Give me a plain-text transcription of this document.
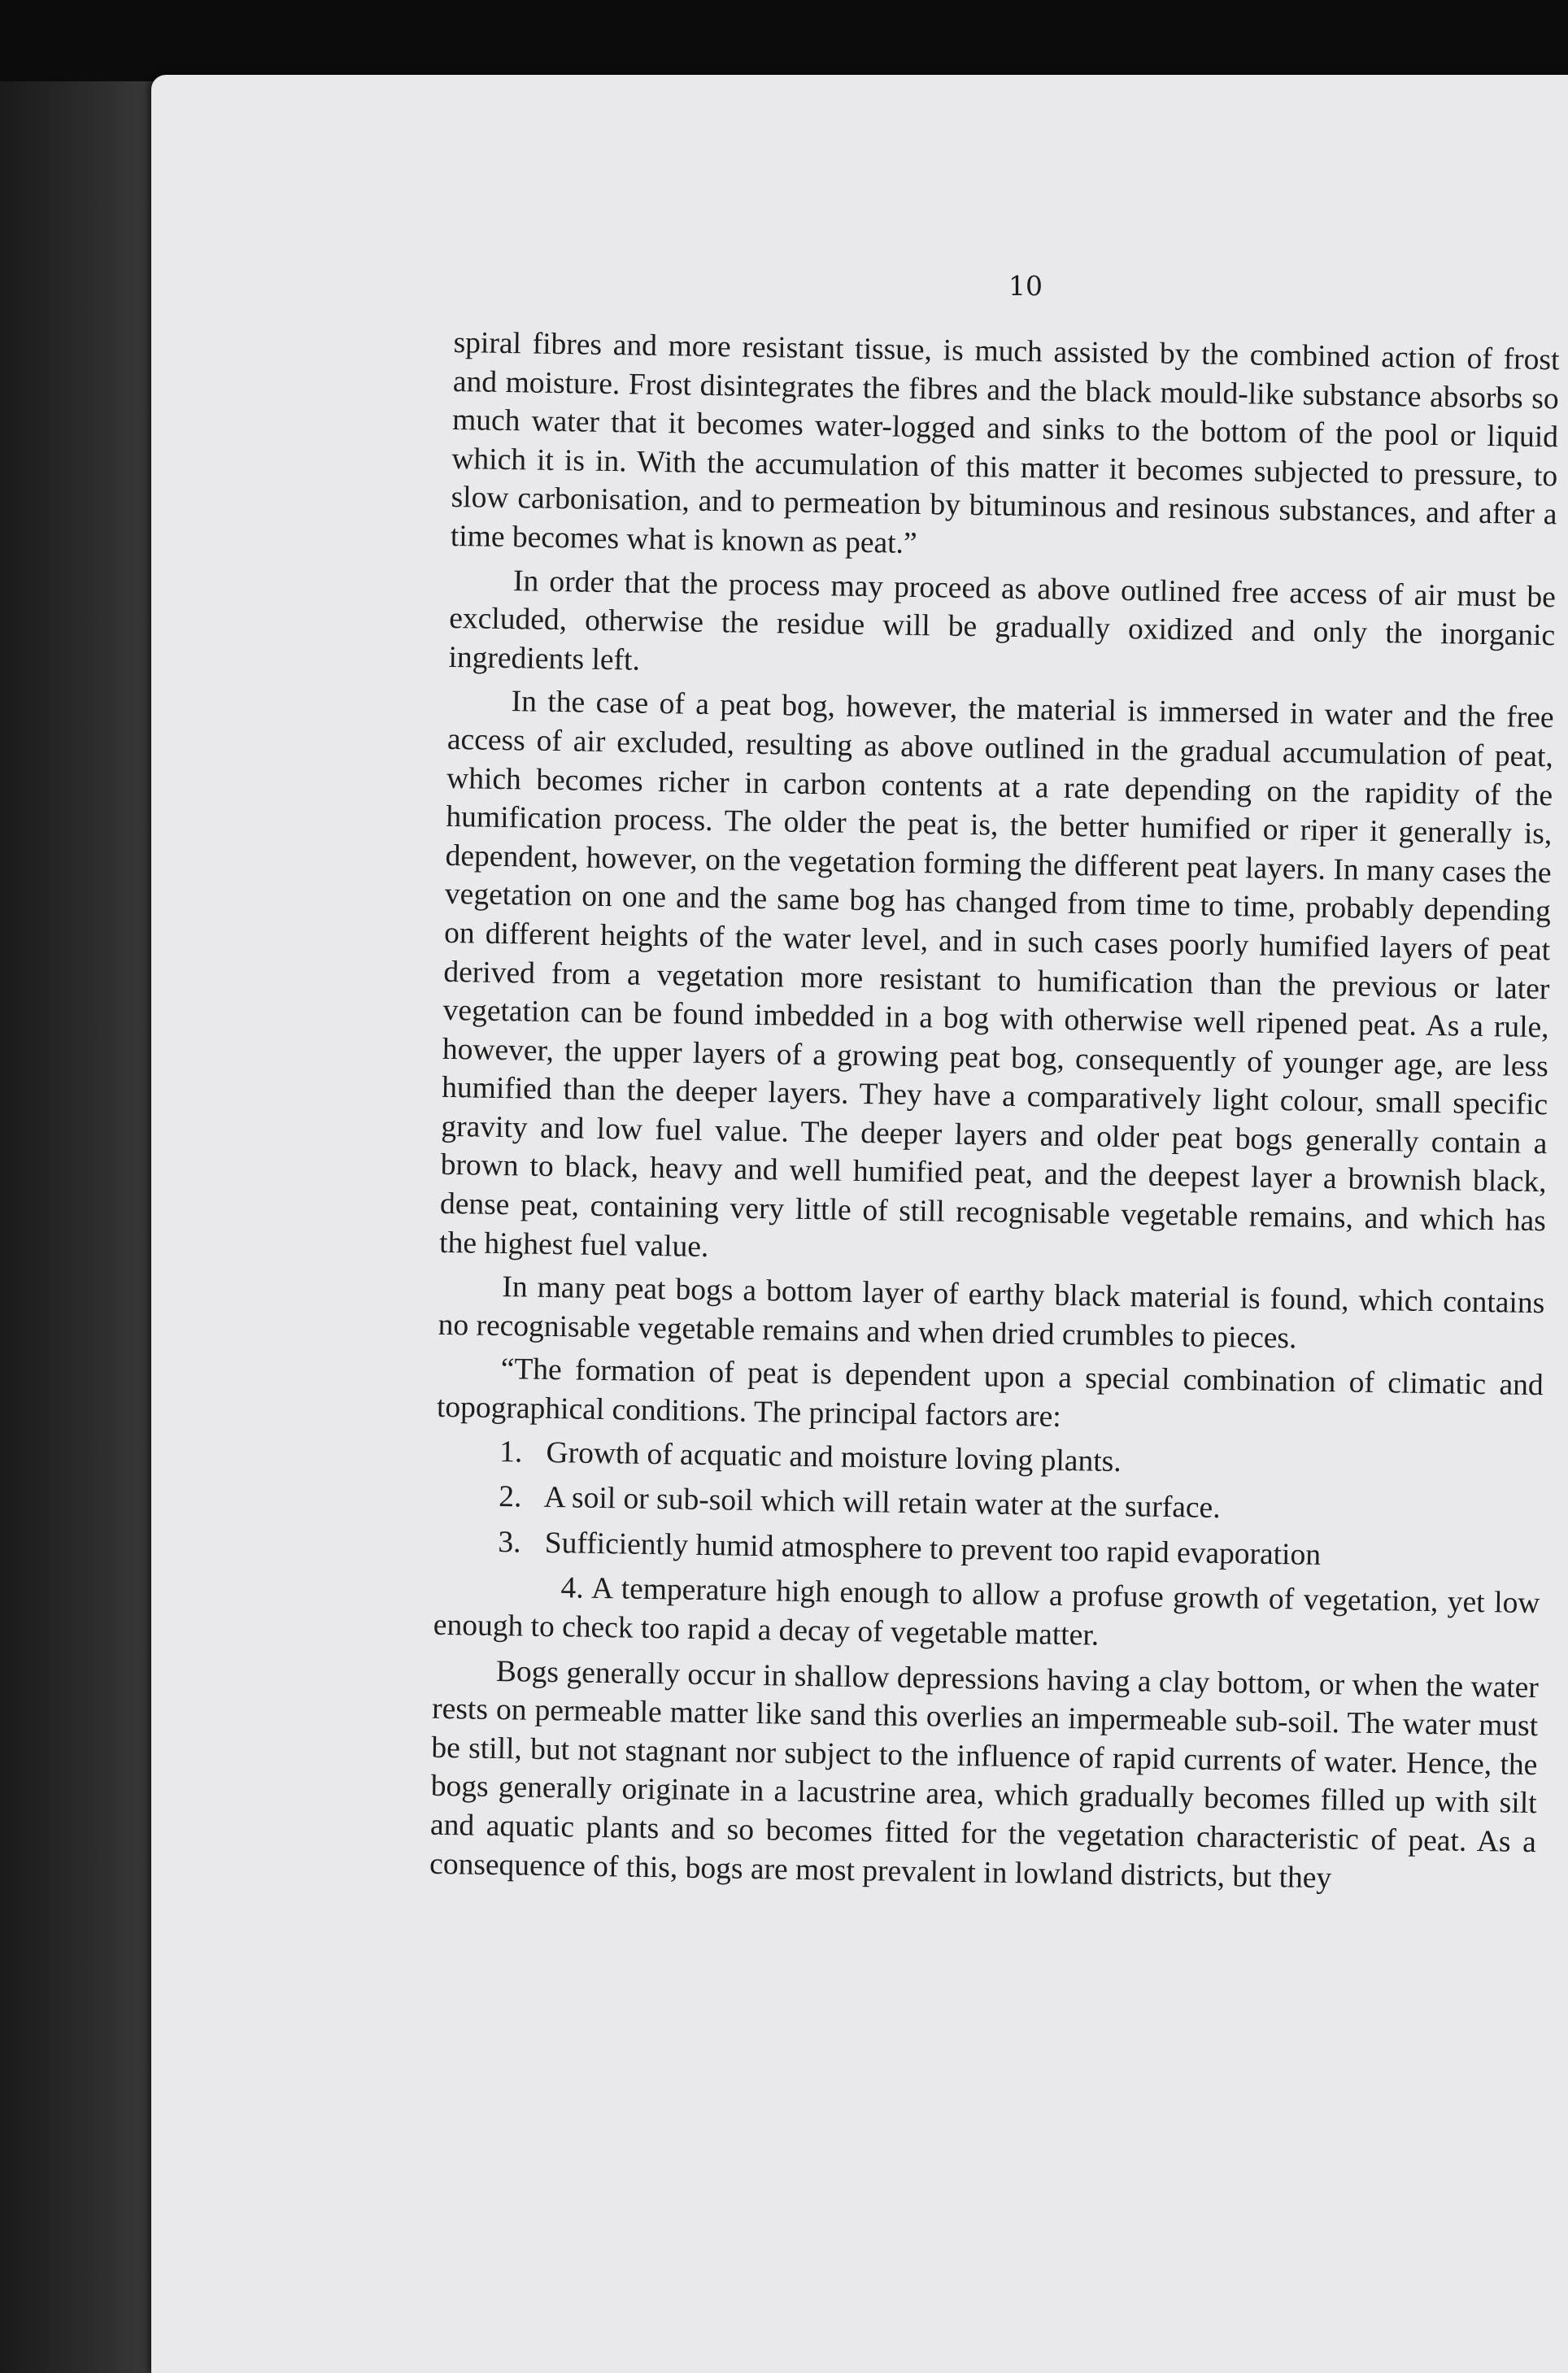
10

spiral fibres and more resistant tissue, is much assisted by the combined action of frost and moisture. Frost disintegrates the fibres and the black mould-like substance absorbs so much water that it becomes water-logged and sinks to the bottom of the pool or liquid which it is in. With the accumulation of this matter it becomes subjected to pressure, to slow carbonisation, and to permeation by bituminous and resinous substances, and after a time becomes what is known as peat.”

In order that the process may proceed as above outlined free access of air must be excluded, otherwise the residue will be gradually oxidized and only the inorganic ingredients left.

In the case of a peat bog, however, the material is immersed in water and the free access of air excluded, resulting as above outlined in the gradual accumulation of peat, which becomes richer in carbon contents at a rate depending on the rapidity of the humification process. The older the peat is, the better humified or riper it generally is, dependent, however, on the vegetation forming the different peat layers. In many cases the vegetation on one and the same bog has changed from time to time, probably depending on different heights of the water level, and in such cases poorly humified layers of peat derived from a vegetation more resistant to humification than the previous or later vegetation can be found imbedded in a bog with otherwise well ripened peat. As a rule, however, the upper layers of a growing peat bog, consequently of younger age, are less humified than the deeper layers. They have a comparatively light colour, small specific gravity and low fuel value. The deeper layers and older peat bogs generally contain a brown to black, heavy and well humified peat, and the deepest layer a brownish black, dense peat, containing very little of still recognisable vegetable remains, and which has the highest fuel value.

In many peat bogs a bottom layer of earthy black material is found, which contains no recognisable vegetable remains and when dried crumbles to pieces.

“The formation of peat is dependent upon a special combination of climatic and topographical conditions. The principal factors are:

1. Growth of acquatic and moisture loving plants.
2. A soil or sub-soil which will retain water at the surface.
3. Sufficiently humid atmosphere to prevent too rapid evaporation
4. A temperature high enough to allow a profuse growth of vegetation, yet low enough to check too rapid a decay of vegetable matter.

Bogs generally occur in shallow depressions having a clay bottom, or when the water rests on permeable matter like sand this overlies an impermeable sub-soil. The water must be still, but not stagnant nor subject to the influence of rapid currents of water. Hence, the bogs generally originate in a lacustrine area, which gradually becomes filled up with silt and aquatic plants and so becomes fitted for the vegetation characteristic of peat. As a consequence of this, bogs are most prevalent in lowland districts, but they
